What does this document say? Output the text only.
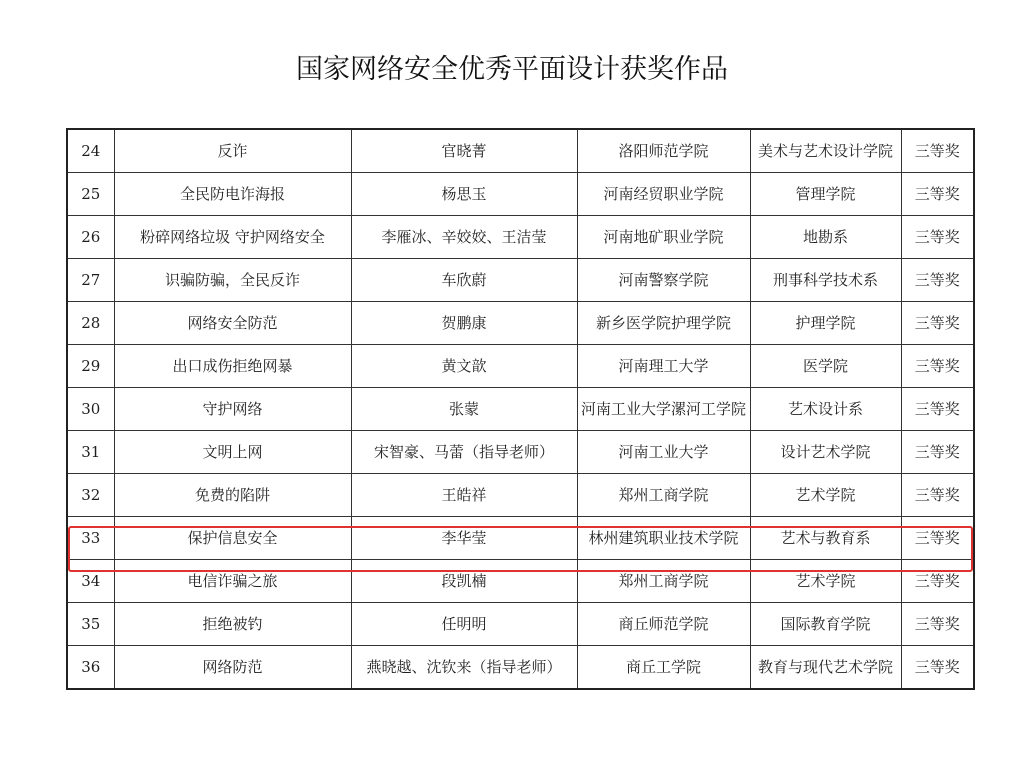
国家网络安全优秀平面设计获奖作品
24	反诈	官晓菁	洛阳师范学院	美术与艺术设计学院	三等奖
25	全民防电诈海报	杨思玉	河南经贸职业学院	管理学院	三等奖
26	粉碎网络垃圾 守护网络安全	李雁冰、辛姣姣、王洁莹	河南地矿职业学院	地勘系	三等奖
27	识骗防骗，全民反诈	车欣蔚	河南警察学院	刑事科学技术系	三等奖
28	网络安全防范	贺鹏康	新乡医学院护理学院	护理学院	三等奖
29	出口成伤拒绝网暴	黄文歆	河南理工大学	医学院	三等奖
30	守护网络	张蒙	河南工业大学漯河工学院	艺术设计系	三等奖
31	文明上网	宋智豪、马蕾（指导老师）	河南工业大学	设计艺术学院	三等奖
32	免费的陷阱	王皓祥	郑州工商学院	艺术学院	三等奖
33	保护信息安全	李华莹	林州建筑职业技术学院	艺术与教育系	三等奖
34	电信诈骗之旅	段凯楠	郑州工商学院	艺术学院	三等奖
35	拒绝被钓	任明明	商丘师范学院	国际教育学院	三等奖
36	网络防范	燕晓越、沈钦来（指导老师）	商丘工学院	教育与现代艺术学院	三等奖
